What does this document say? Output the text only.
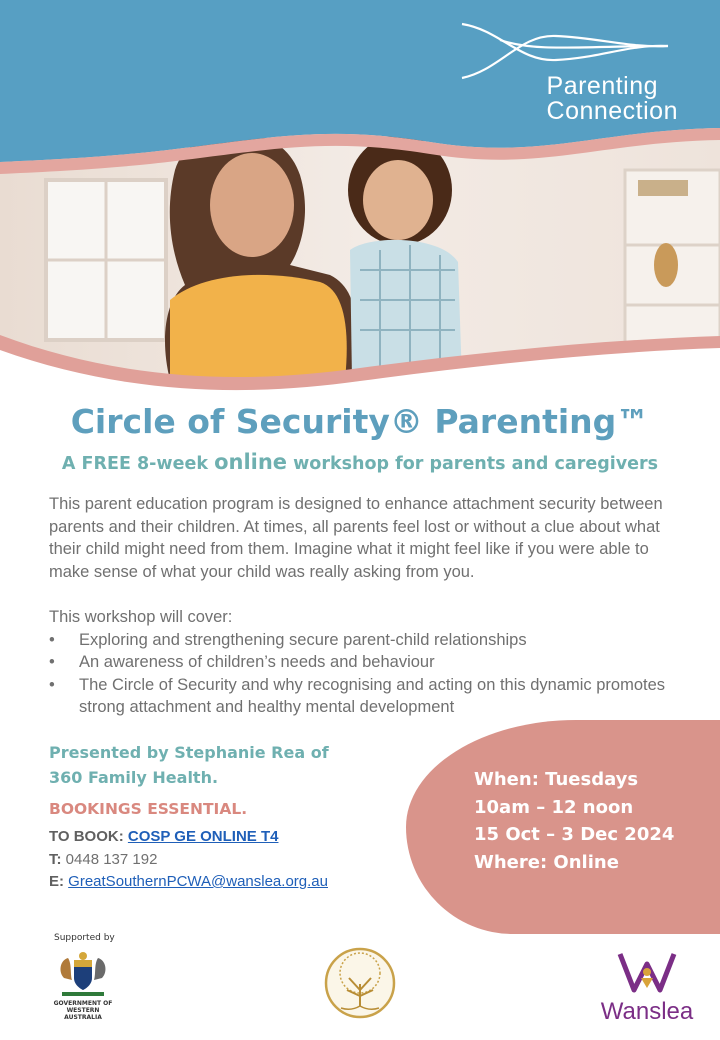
Parenting
Connection
Circle of Security® Parenting™
A FREE 8-week online workshop for parents and caregivers

This parent education program is designed to enhance attachment security between parents and their children. At times, all parents feel lost or without a clue about what their child might need from them. Imagine what it might feel like if you were able to make sense of what your child was really asking from you.

This workshop will cover:
• Exploring and strengthening secure parent-child relationships
• An awareness of children’s needs and behaviour
• The Circle of Security and why recognising and acting on this dynamic promotes strong attachment and healthy mental development
Presented by Stephanie Rea of
360 Family Health.
BOOKINGS ESSENTIAL.
TO BOOK: COSP GE ONLINE T4
T: 0448 137 192
E: GreatSouthernPCWA@wanslea.org.au
When: Tuesdays
10am – 12 noon
15 Oct – 3 Dec 2024
Where: Online
Supported by
GOVERNMENT OF
WESTERN AUSTRALIA	Wanslea
